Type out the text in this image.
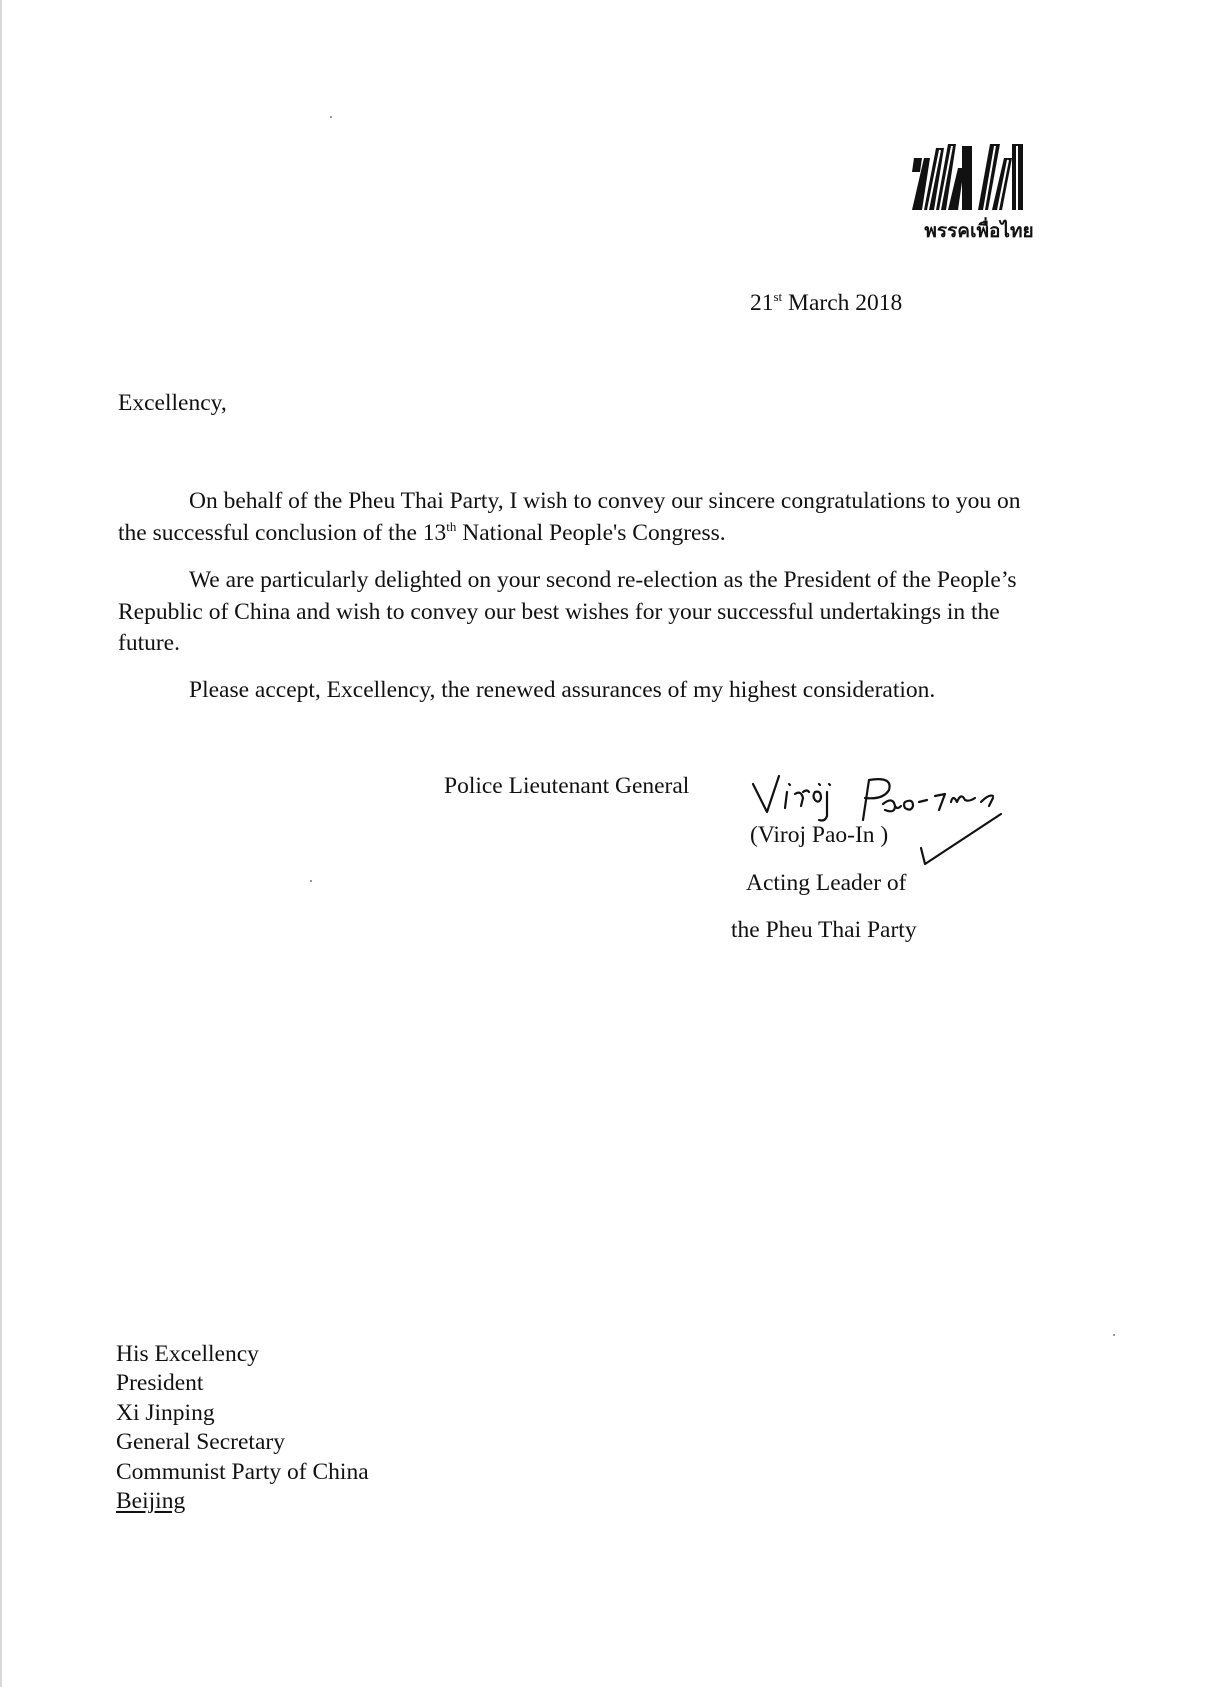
พรรคเพื่อไทย
21st March 2018
Excellency,
On behalf of the Pheu Thai Party, I wish to convey our sincere congratulations to you on
the successful conclusion of the 13th National People's Congress.
We are particularly delighted on your second re-election as the President of the People’s
Republic of China and wish to convey our best wishes for your successful undertakings in the
future.
Please accept, Excellency, the renewed assurances of my highest consideration.
Police Lieutenant General
(Viroj Pao-In )
Acting Leader of
the Pheu Thai Party
His Excellency
President
Xi Jinping
General Secretary
Communist Party of China
Beijing
